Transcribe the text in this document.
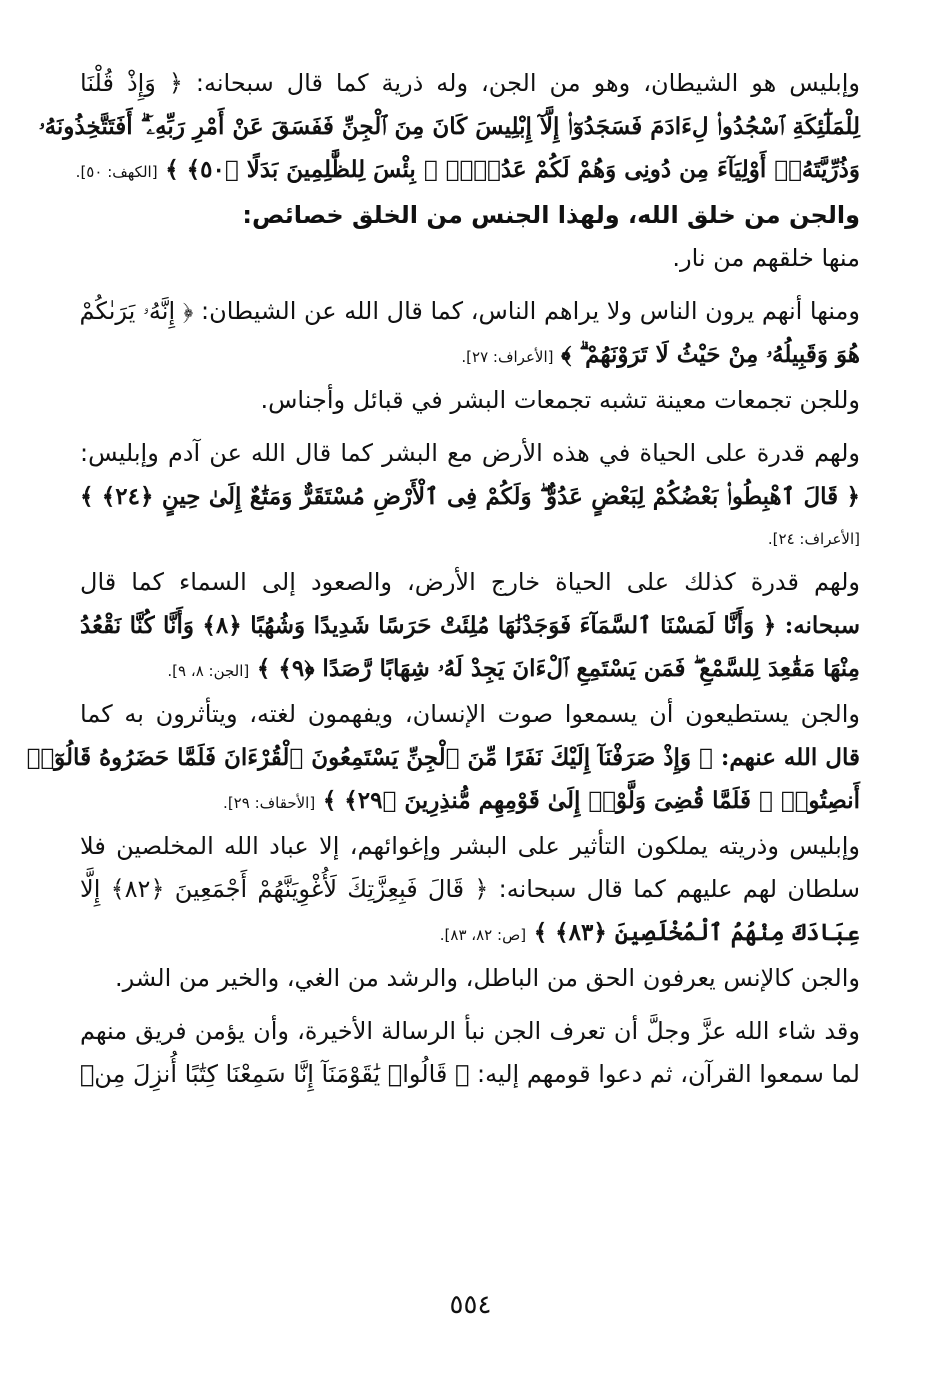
وإبليس هو الشيطان، وهو من الجن، وله ذرية كما قال سبحانه: ﴿ وَإِذْ قُلْنَا
لِلْمَلَٰٓئِكَةِ ٱسْجُدُوا۟ لِءَادَمَ فَسَجَدُوٓا۟ إِلَّآ إِبْلِيسَ كَانَ مِنَ ٱلْجِنِّ فَفَسَقَ عَنْ أَمْرِ رَبِّهِۦٓ ۗ أَفَتَتَّخِذُونَهُۥ
وَذُرِّيَّتَهُۥٓ أَوْلِيَآءَ مِن دُونِى وَهُمْ لَكُمْ عَدُوٌّۢ ۚ بِئْسَ لِلظَّٰلِمِينَ بَدَلًا ﴿٥٠﴾ ﴾ [الكهف: ٥٠].
والجن من خلق الله، ولهذا الجنس من الخلق خصائص:
منها خلقهم من نار.
ومنها أنهم يرون الناس ولا يراهم الناس، كما قال الله عن الشيطان: ﴿ إِنَّهُۥ يَرَىٰكُمْ
هُوَ وَقَبِيلُهُۥ مِنْ حَيْثُ لَا تَرَوْنَهُمْ ۗ ﴾ [الأعراف: ٢٧].
وللجن تجمعات معينة تشبه تجمعات البشر في قبائل وأجناس.
ولهم قدرة على الحياة في هذه الأرض مع البشر كما قال الله عن آدم وإبليس:
﴿ قَالَ ٱهْبِطُوا۟ بَعْضُكُمْ لِبَعْضٍ عَدُوٌّ ۖ وَلَكُمْ فِى ٱلْأَرْضِ مُسْتَقَرٌّ وَمَتَٰعٌ إِلَىٰ حِينٍ ﴿٢٤﴾ ﴾
[الأعراف: ٢٤].
ولهم قدرة كذلك على الحياة خارج الأرض، والصعود إلى السماء كما قال
سبحانه: ﴿ وَأَنَّا لَمَسْنَا ٱلسَّمَآءَ فَوَجَدْنَٰهَا مُلِئَتْ حَرَسًا شَدِيدًا وَشُهُبًا ﴿٨﴾ وَأَنَّا كُنَّا نَقْعُدُ
مِنْهَا مَقَٰعِدَ لِلسَّمْعِ ۖ فَمَن يَسْتَمِعِ ٱلْءَانَ يَجِدْ لَهُۥ شِهَابًا رَّصَدًا ﴿٩﴾ ﴾ [الجن: ٨، ٩].
والجن يستطيعون أن يسمعوا صوت الإنسان، ويفهمون لغته، ويتأثرون به كما
قال الله عنهم: ﴿ وَإِذْ صَرَفْنَآ إِلَيْكَ نَفَرًا مِّنَ ٱلْجِنِّ يَسْتَمِعُونَ ٱلْقُرْءَانَ فَلَمَّا حَضَرُوهُ قَالُوٓا۟
أَنصِتُوا۟ ۖ فَلَمَّا قُضِىَ وَلَّوْا۟ إِلَىٰ قَوْمِهِم مُّنذِرِينَ ﴿٢٩﴾ ﴾ [الأحقاف: ٢٩].
وإبليس وذريته يملكون التأثير على البشر وإغوائهم، إلا عباد الله المخلصين فلا
سلطان لهم عليهم كما قال سبحانه: ﴿ قَالَ فَبِعِزَّتِكَ لَأُغْوِيَنَّهُمْ أَجْمَعِينَ ﴿٨٢﴾ إِلَّا
عِبَادَكَ مِنْهُمُ ٱلْمُخْلَصِينَ ﴿٨٣﴾ ﴾ [ص: ٨٢، ٨٣].
والجن كالإنس يعرفون الحق من الباطل، والرشد من الغي، والخير من الشر.
وقد شاء الله عزَّ وجلَّ أن تعرف الجن نبأ الرسالة الأخيرة، وأن يؤمن فريق منهم
لما سمعوا القرآن، ثم دعوا قومهم إليه: ﴿ قَالُوا۟ يَٰقَوْمَنَآ إِنَّا سَمِعْنَا كِتَٰبًا أُنزِلَ مِنۢ
٥٥٤
